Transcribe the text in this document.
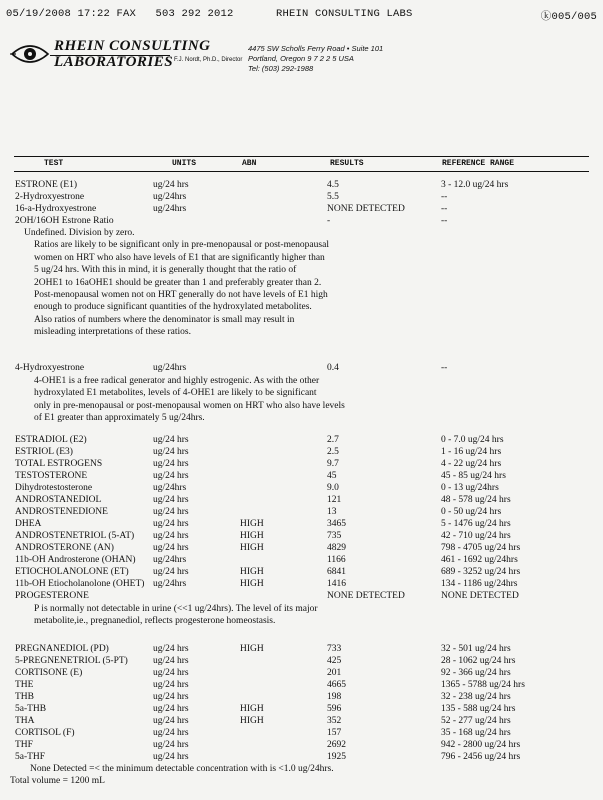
05/19/2008 17:22 FAX 503 292 2012	RHEIN CONSULTING LABS	ⓚ005/005
RHEIN CONSULTING
LABORATORIES F.J. Nordt, Ph.D., Director
4475 SW Scholls Ferry Road • Suite 101
Portland, Oregon 9 7 2 2 5 USA
Tel: (503) 292-1988
TEST	UNITS	ABN	RESULTS	REFERENCE RANGE
ESTRONE (E1)	ug/24 hrs	4.5	3 - 12.0 ug/24 hrs
2-Hydroxyestrone	ug/24hrs	5.5	--
16-a-Hydroxyestrone	ug/24hrs	NONE DETECTED	--
2OH/16OH Estrone Ratio	-	--
Undefined. Division by zero.
Ratios are likely to be significant only in pre-menopausal or post-menopausal
women on HRT who also have levels of E1 that are significantly higher than
5 ug/24 hrs. With this in mind, it is generally thought that the ratio of
2OHE1 to 16aOHE1 should be greater than 1 and preferably greater than 2.
Post-menopausal women not on HRT generally do not have levels of E1 high
enough to produce significant quantities of the hydroxylated metabolites.
Also ratios of numbers where the denominator is small may result in
misleading interpretations of these ratios.
4-Hydroxyestrone	ug/24hrs	0.4	--
4-OHE1 is a free radical generator and highly estrogenic. As with the other
hydroxylated E1 metabolites, levels of 4-OHE1 are likely to be significant
only in pre-menopausal or post-menopausal women on HRT who also have levels
of E1 greater than approximately 5 ug/24hrs.
ESTRADIOL (E2)	ug/24 hrs	2.7	0 - 7.0 ug/24 hrs
ESTRIOL (E3)	ug/24 hrs	2.5	1 - 16 ug/24 hrs
TOTAL ESTROGENS	ug/24 hrs	9.7	4 - 22 ug/24 hrs
TESTOSTERONE	ug/24 hrs	45	45 - 85 ug/24 hrs
Dihydrotestosterone	ug/24hrs	9.0	0 - 13 ug/24hrs
ANDROSTANEDIOL	ug/24 hrs	121	48 - 578 ug/24 hrs
ANDROSTENEDIONE	ug/24 hrs	13	0 - 50 ug/24 hrs
DHEA	ug/24 hrs	HIGH	3465	5 - 1476 ug/24 hrs
ANDROSTENETRIOL (5-AT) ug/24 hrs	HIGH	735	42 - 710 ug/24 hrs
ANDROSTERONE (AN)	ug/24 hrs	HIGH	4829	798 - 4705 ug/24 hrs
11b-OH Androsterone (OHAN) ug/24hrs	1166	461 - 1692 ug/24hrs
ETIOCHOLANOLONE (ET)	ug/24 hrs	HIGH	6841	689 - 3252 ug/24 hrs
11b-OH Etiocholanolone (OHET) ug/24hrs	HIGH	1416	134 - 1186 ug/24hrs
PROGESTERONE	NONE DETECTED	NONE DETECTED
P is normally not detectable in urine (<<1 ug/24hrs). The level of its major
metabolite,ie., pregnanediol, reflects progesterone homeostasis.
PREGNANEDIOL (PD)	ug/24 hrs	HIGH	733	32 - 501 ug/24 hrs
5-PREGNENETRIOL (5-PT)	ug/24 hrs	425	28 - 1062 ug/24 hrs
CORTISONE (E)	ug/24 hrs	201	92 - 366 ug/24 hrs
THE	ug/24 hrs	4665	1365 - 5788 ug/24 hrs
THB	ug/24 hrs	198	32 - 238 ug/24 hrs
5a-THB	ug/24 hrs	HIGH	596	135 - 588 ug/24 hrs
THA	ug/24 hrs	HIGH	352	52 - 277 ug/24 hrs
CORTISOL (F)	ug/24 hrs	157	35 - 168 ug/24 hrs
THF	ug/24 hrs	2692	942 - 2800 ug/24 hrs
5a-THF	ug/24 hrs	1925	796 - 2456 ug/24 hrs
None Detected =< the minimum detectable concentration with is <1.0 ug/24hrs.
Total volume = 1200 mL
